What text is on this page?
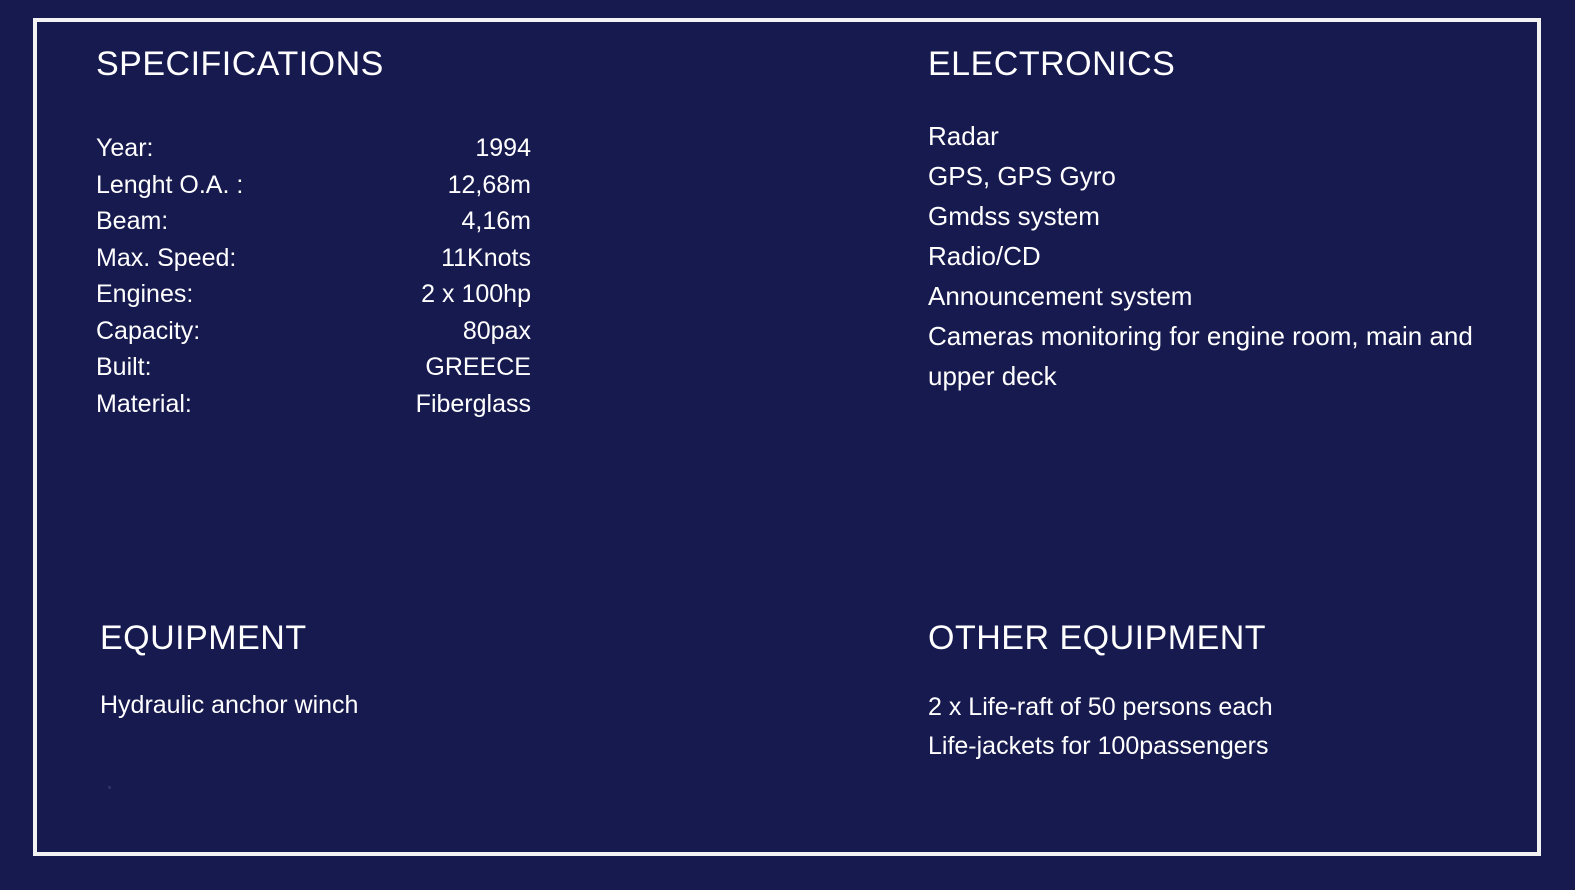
SPECIFICATIONS
Year:	1994
Lenght O.A. :	12,68m
Beam:	4,16m
Max. Speed:	11Knots
Engines:	2 x 100hp
Capacity:	80pax
Built:	GREECE
Material:	Fiberglass
ELECTRONICS
Radar
GPS, GPS Gyro
Gmdss system
Radio/CD
Announcement system
Cameras monitoring for engine room, main and upper deck
EQUIPMENT
Hydraulic anchor winch
OTHER EQUIPMENT
2 x Life-raft of 50 persons each
Life-jackets for 100passengers
